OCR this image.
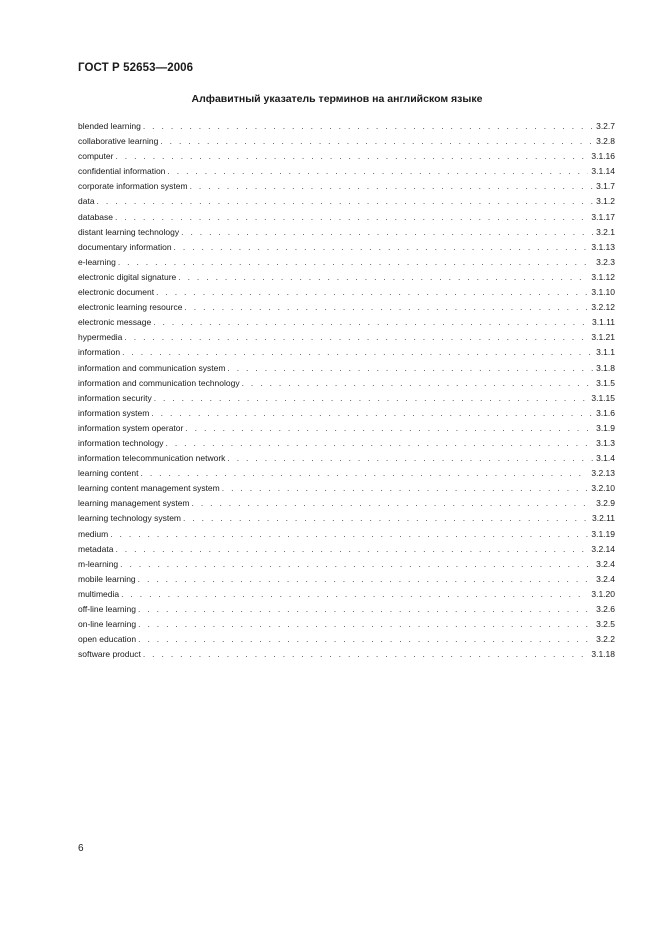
ГОСТ Р 52653—2006
Алфавитный указатель терминов на английском языке
blended learning . . .	3.2.7
collaborative learning . . .	3.2.8
computer . . .	3.1.16
confidential information . . .	3.1.14
corporate information system . . .	3.1.7
data . . .	3.1.2
database . . .	3.1.17
distant learning technology . . .	3.2.1
documentary information . . .	3.1.13
e-learning . . .	3.2.3
electronic digital signature . . .	3.1.12
electronic document . . .	3.1.10
electronic learning resource . . .	3.2.12
electronic message . . .	3.1.11
hypermedia . . .	3.1.21
information . . .	3.1.1
information and communication system . . .	3.1.8
information and communication technology . . .	3.1.5
information security . . .	3.1.15
information system . . .	3.1.6
information system operator . . .	3.1.9
information technology . . .	3.1.3
information telecommunication network . . .	3.1.4
learning content . . .	3.2.13
learning content management system . . .	3.2.10
learning management system . . .	3.2.9
learning technology system . . .	3.2.11
medium . . .	3.1.19
metadata . . .	3.2.14
m-learning . . .	3.2.4
mobile learning . . .	3.2.4
multimedia . . .	3.1.20
off-line learning . . .	3.2.6
on-line learning . . .	3.2.5
open education . . .	3.2.2
software product . . .	3.1.18
6
